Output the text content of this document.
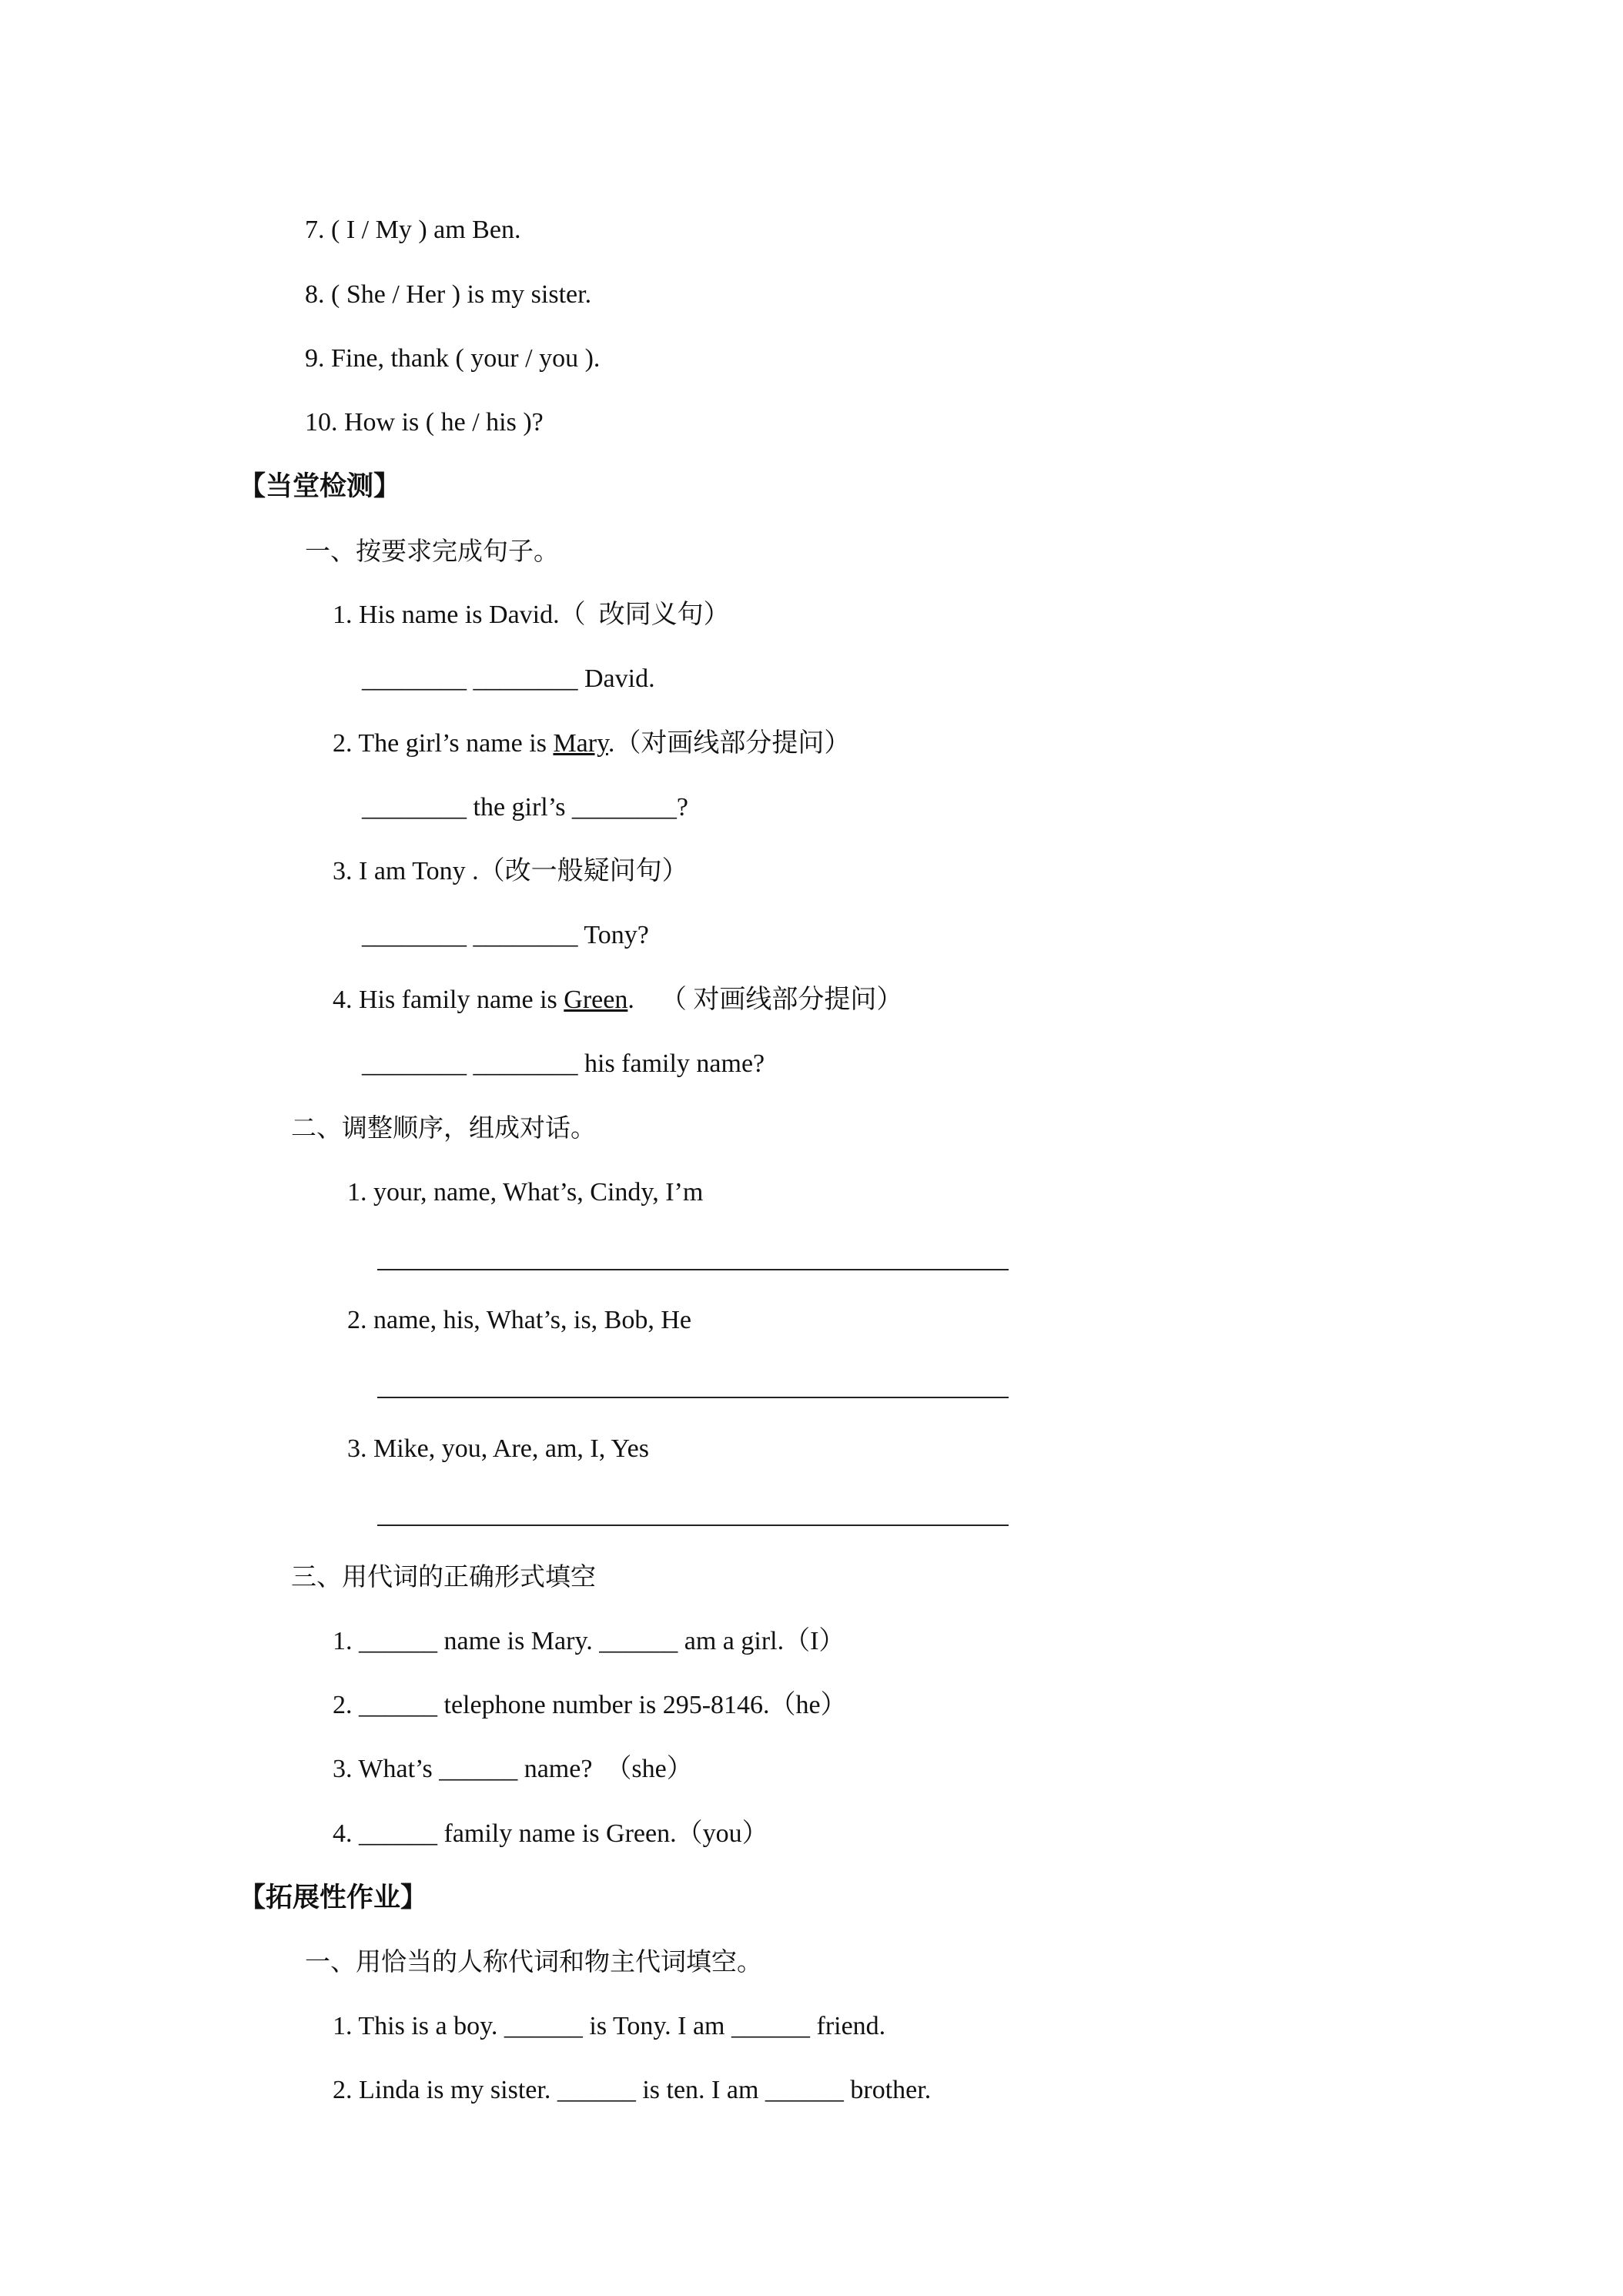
7. ( I / My ) am Ben.
8. ( She / Her ) is my sister.
9. Fine, thank ( your / you ).
10. How is ( he / his )?
【当堂检测】
一、按要求完成句子。
1. His name is David.（  改同义句）
________ ________ David.
2. The girl’s name is Mary.（对画线部分提问）
________ the girl’s ________?
3. I am Tony .（改一般疑问句）
________ ________ Tony?
4. His family name is Green.    （ 对画线部分提问）
________ ________ his family name?
二、调整顺序，组成对话。
1. your, name, What’s, Cindy, I’m
2. name, his, What’s, is, Bob, He
3. Mike, you, Are, am, I, Yes
三、用代词的正确形式填空
1. ______ name is Mary. ______ am a girl.（I）
2. ______ telephone number is 295-8146.（he）
3. What’s ______ name?  （she）
4. ______ family name is Green.（you）
【拓展性作业】
一、用恰当的人称代词和物主代词填空。
1. This is a boy. ______ is Tony. I am ______ friend.
2. Linda is my sister. ______ is ten. I am ______ brother.
